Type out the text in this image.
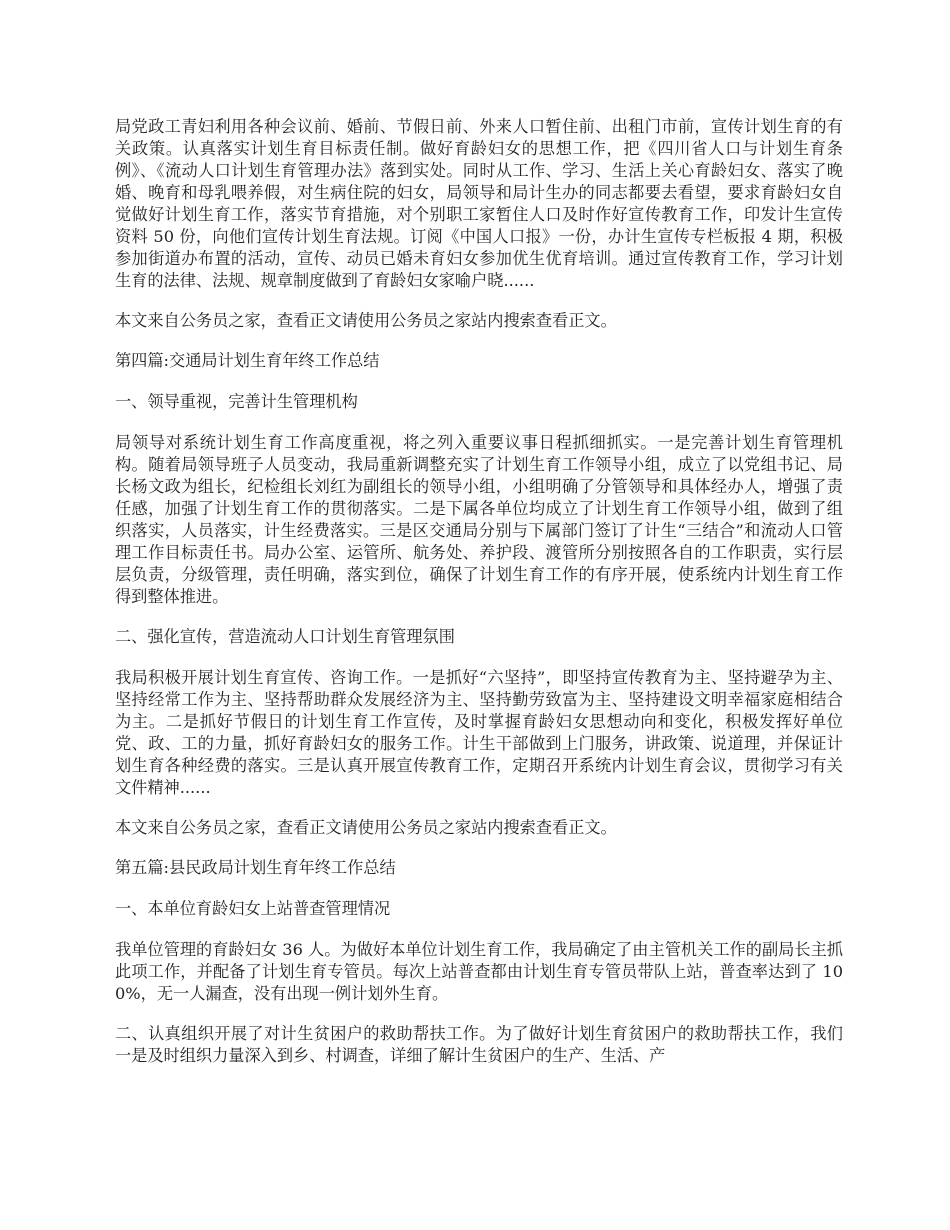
局党政工青妇利用各种会议前、婚前、节假日前、外来人口暂住前、出租门市前，宣传计划生育的有关政策。认真落实计划生育目标责任制。做好育龄妇女的思想工作，把《四川省人口与计划生育条例》、《流动人口计划生育管理办法》落到实处。同时从工作、学习、生活上关心育龄妇女、落实了晚婚、晚育和母乳喂养假，对生病住院的妇女，局领导和局计生办的同志都要去看望，要求育龄妇女自觉做好计划生育工作，落实节育措施，对个别职工家暂住人口及时作好宣传教育工作，印发计生宣传资料 50 份，向他们宣传计划生育法规。订阅《中国人口报》一份，办计生宣传专栏板报 4 期，积极参加街道办布置的活动，宣传、动员已婚未育妇女参加优生优育培训。通过宣传教育工作，学习计划生育的法律、法规、规章制度做到了育龄妇女家喻户晓......

本文来自公务员之家，查看正文请使用公务员之家站内搜索查看正文。

第四篇:交通局计划生育年终工作总结

一、领导重视，完善计生管理机构

局领导对系统计划生育工作高度重视，将之列入重要议事日程抓细抓实。一是完善计划生育管理机构。随着局领导班子人员变动，我局重新调整充实了计划生育工作领导小组，成立了以党组书记、局长杨文政为组长，纪检组长刘红为副组长的领导小组，小组明确了分管领导和具体经办人，增强了责任感，加强了计划生育工作的贯彻落实。二是下属各单位均成立了计划生育工作领导小组，做到了组织落实，人员落实，计生经费落实。三是区交通局分别与下属部门签订了计生“三结合”和流动人口管理工作目标责任书。局办公室、运管所、航务处、养护段、渡管所分别按照各自的工作职责，实行层层负责，分级管理，责任明确，落实到位，确保了计划生育工作的有序开展，使系统内计划生育工作得到整体推进。

二、强化宣传，营造流动人口计划生育管理氛围

我局积极开展计划生育宣传、咨询工作。一是抓好“六坚持”，即坚持宣传教育为主、坚持避孕为主、坚持经常工作为主、坚持帮助群众发展经济为主、坚持勤劳致富为主、坚持建设文明幸福家庭相结合为主。二是抓好节假日的计划生育工作宣传，及时掌握育龄妇女思想动向和变化，积极发挥好单位党、政、工的力量，抓好育龄妇女的服务工作。计生干部做到上门服务，讲政策、说道理，并保证计划生育各种经费的落实。三是认真开展宣传教育工作，定期召开系统内计划生育会议，贯彻学习有关文件精神......

本文来自公务员之家，查看正文请使用公务员之家站内搜索查看正文。

第五篇:县民政局计划生育年终工作总结

一、本单位育龄妇女上站普查管理情况

我单位管理的育龄妇女 36 人。为做好本单位计划生育工作，我局确定了由主管机关工作的副局长主抓此项工作，并配备了计划生育专管员。每次上站普查都由计划生育专管员带队上站，普查率达到了 100%，无一人漏查，没有出现一例计划外生育。

二、认真组织开展了对计生贫困户的救助帮扶工作。为了做好计划生育贫困户的救助帮扶工作，我们一是及时组织力量深入到乡、村调查，详细了解计生贫困户的生产、生活、产
